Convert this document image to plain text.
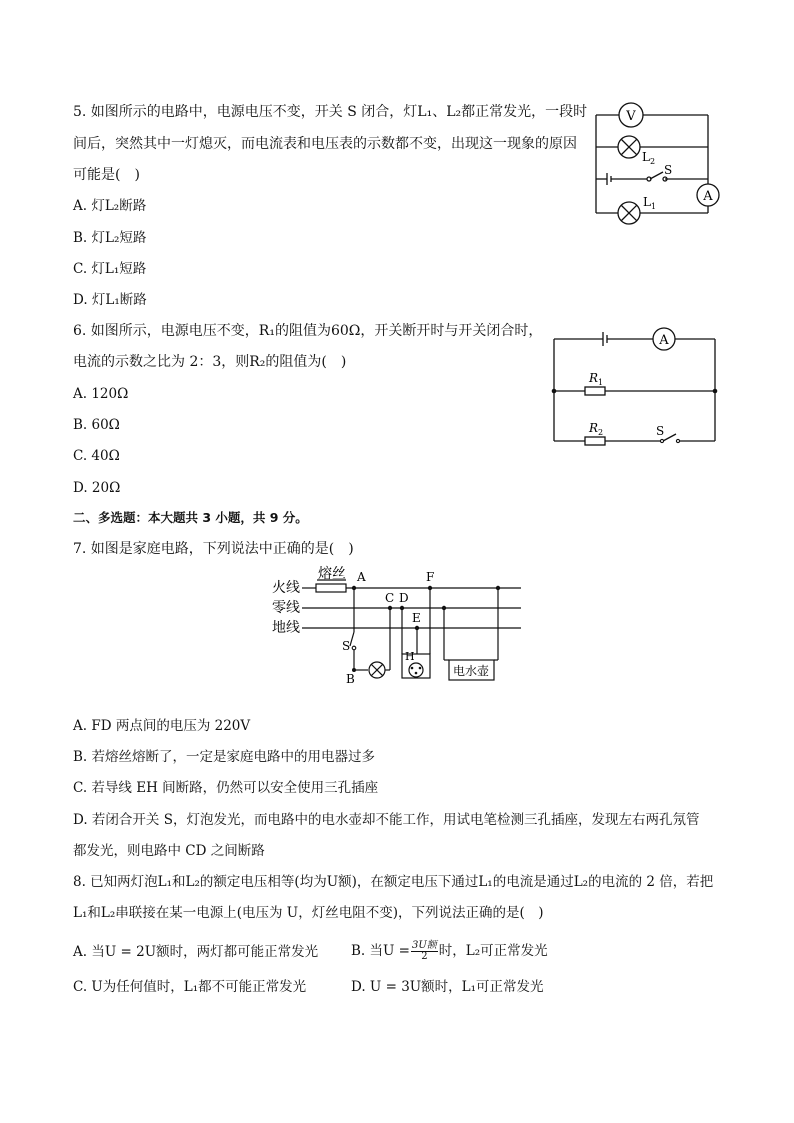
5. 如图所示的电路中，电源电压不变，开关 S 闭合，灯L₁、L₂都正常发光，一段时
间后，突然其中一灯熄灭，而电流表和电压表的示数都不变，出现这一现象的原因
可能是(　)
A. 灯L₂断路
B. 灯L₂短路
C. 灯L₁短路
D. 灯L₁断路
V
A
L 2
S
L 1
6. 如图所示，电源电压不变，R₁的阻值为60Ω，开关断开时与开关闭合时，
电流的示数之比为 2：3，则R₂的阻值为(　)
A. 120Ω
B. 60Ω
C. 40Ω
D. 20Ω
A
R 1
R 2	S
二、多选题：本大题共 3 小题，共 9 分。
7. 如图是家庭电路，下列说法中正确的是(　)
火线
零线
地线
熔丝 A
C D
E
F
H
S
B
电水壶
A. FD 两点间的电压为 220V
B. 若熔丝熔断了，一定是家庭电路中的用电器过多
C. 若导线 EH 间断路，仍然可以安全使用三孔插座
D. 若闭合开关 S，灯泡发光，而电路中的电水壶却不能工作，用试电笔检测三孔插座，发现左右两孔氖管
都发光，则电路中 CD 之间断路
8. 已知两灯泡L₁和L₂的额定电压相等(均为U额)，在额定电压下通过L₁的电流是通过L₂的电流的 2 倍，若把
L₁和L₂串联接在某一电源上(电压为 U，灯丝电阻不变)，下列说法正确的是(　)
A. 当U = 2U额时，两灯都可能正常发光 B. 当$U = \frac{\text{3U额}}{2}$ 时，L₂可正常发光
C. U为任何值时，L₁都不可能正常发光	D. U = 3U额时，L₁可正常发光
